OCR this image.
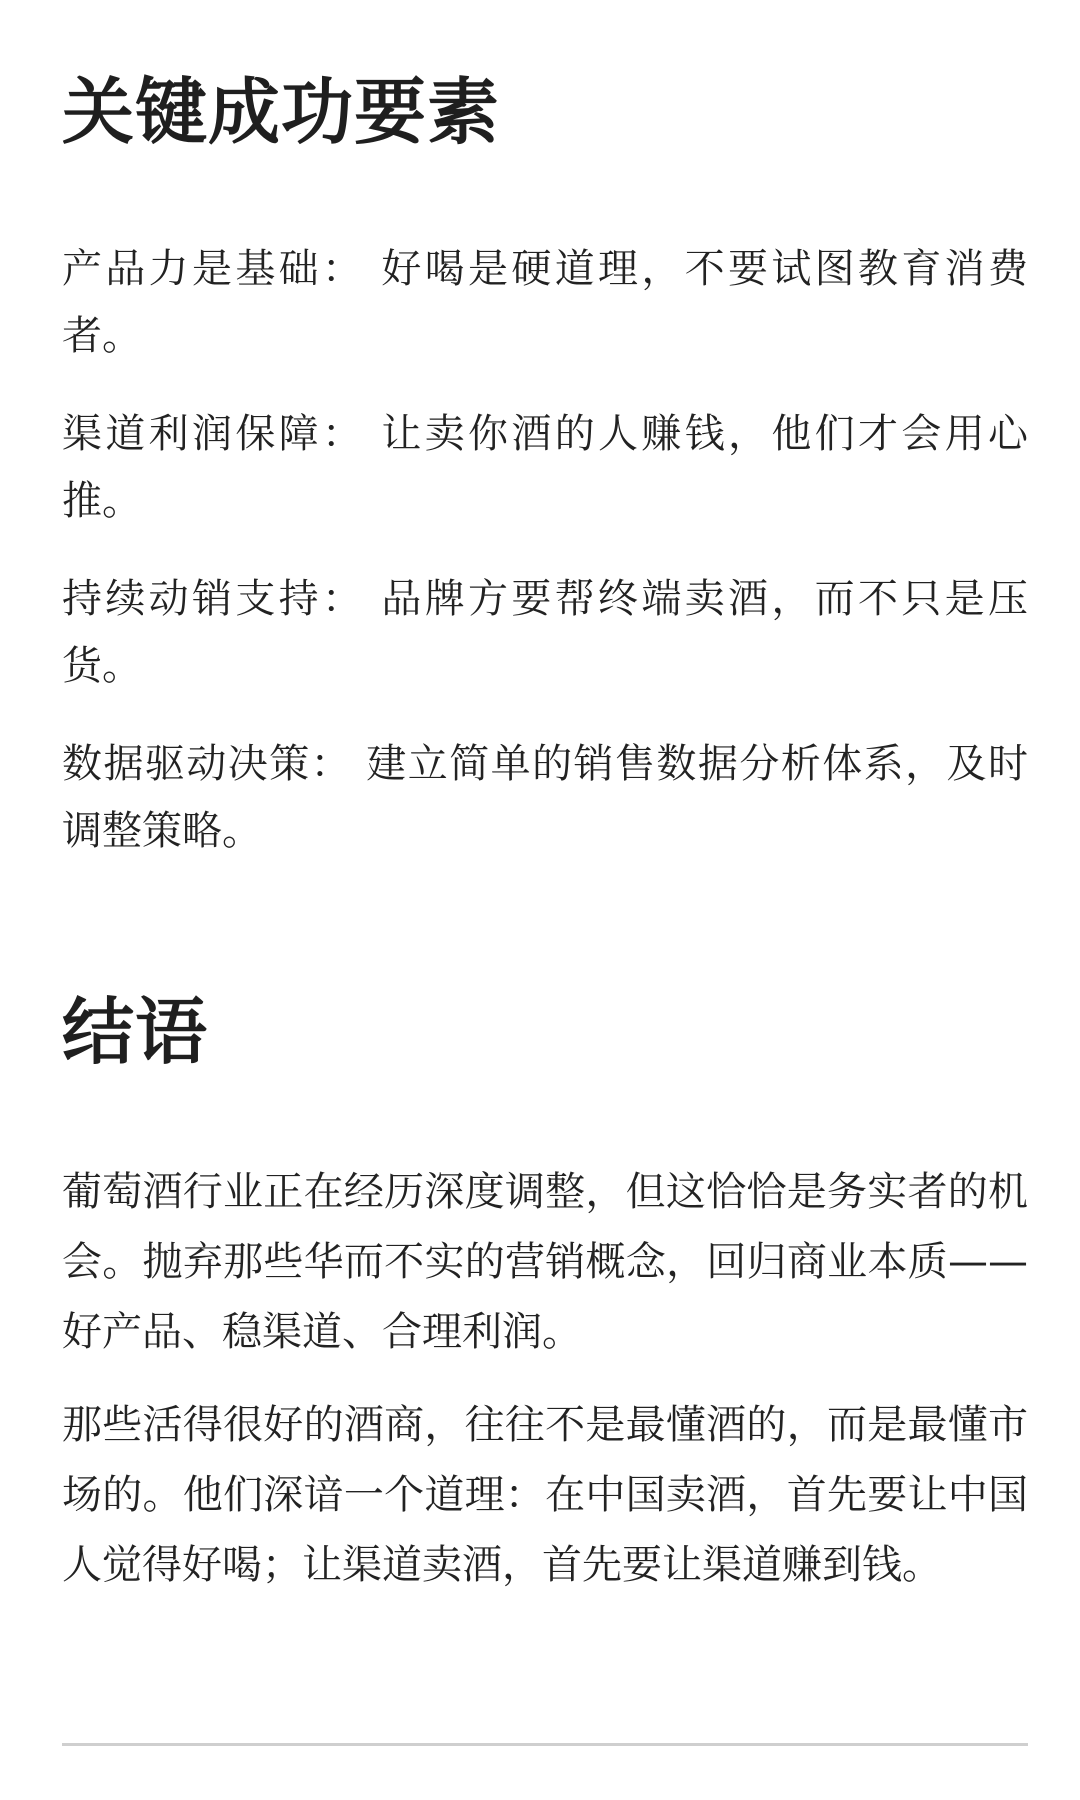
关键成功要素

产品力是基础： 好喝是硬道理，不要试图教育消费者。

渠道利润保障： 让卖你酒的人赚钱，他们才会用心推。

持续动销支持： 品牌方要帮终端卖酒，而不只是压货。

数据驱动决策： 建立简单的销售数据分析体系，及时调整策略。

结语

葡萄酒行业正在经历深度调整，但这恰恰是务实者的机会。抛弃那些华而不实的营销概念，回归商业本质——好产品、稳渠道、合理利润。

那些活得很好的酒商，往往不是最懂酒的，而是最懂市场的。他们深谙一个道理：在中国卖酒，首先要让中国人觉得好喝；让渠道卖酒，首先要让渠道赚到钱。
